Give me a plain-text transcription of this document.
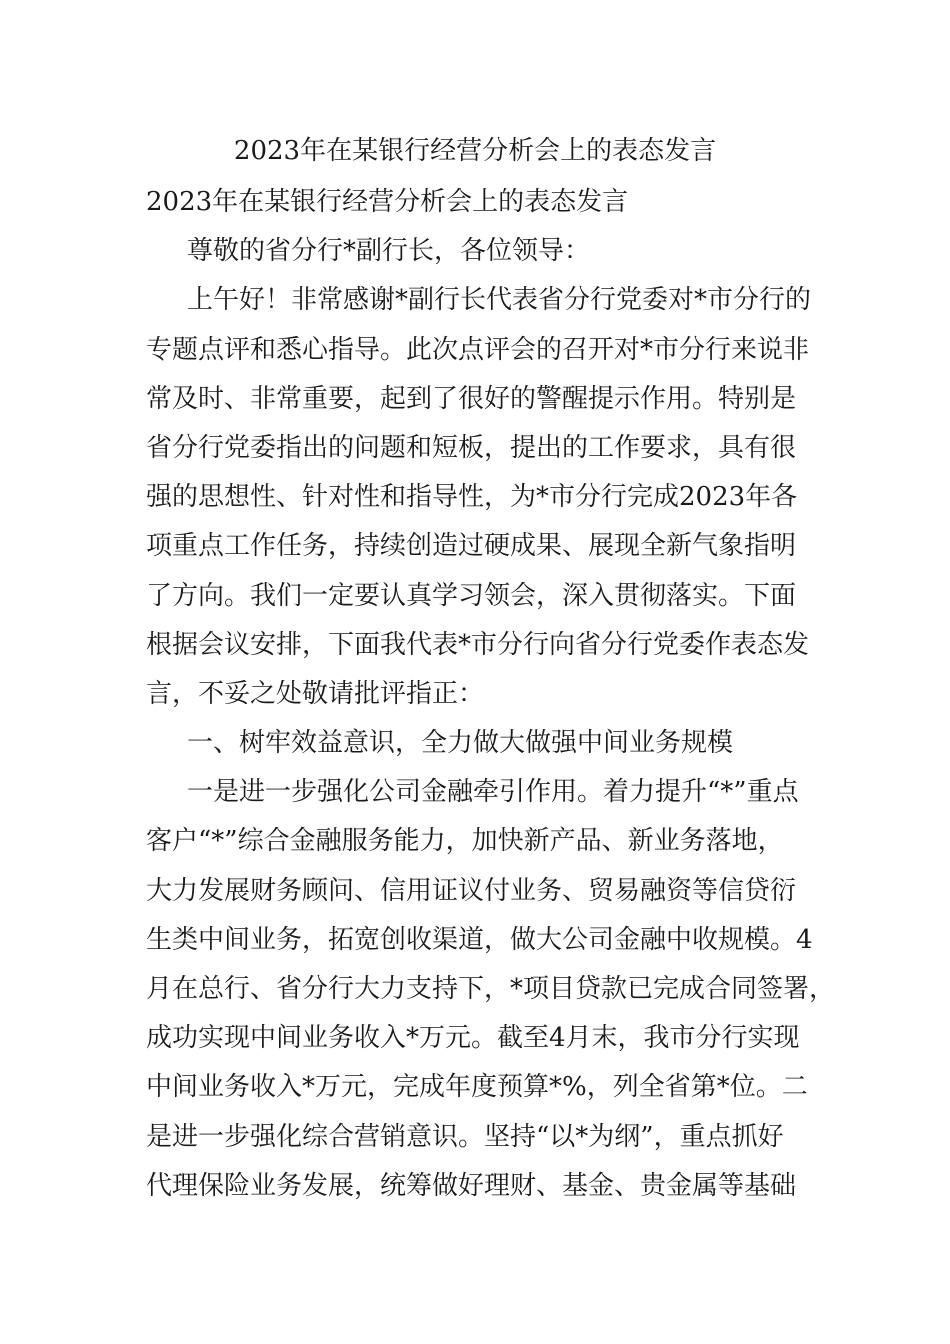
2023年在某银行经营分析会上的表态发言
2023年在某银行经营分析会上的表态发言
尊敬的省分行*副行长，各位领导：
上午好！非常感谢*副行长代表省分行党委对*市分行的
专题点评和悉心指导。此次点评会的召开对*市分行来说非
常及时、非常重要，起到了很好的警醒提示作用。特别是
省分行党委指出的问题和短板，提出的工作要求，具有很
强的思想性、针对性和指导性，为*市分行完成2023年各
项重点工作任务，持续创造过硬成果、展现全新气象指明
了方向。我们一定要认真学习领会，深入贯彻落实。下面
根据会议安排，下面我代表*市分行向省分行党委作表态发
言，不妥之处敬请批评指正：
一、树牢效益意识，全力做大做强中间业务规模
一是进一步强化公司金融牵引作用。着力提升“*”重点
客户“*”综合金融服务能力，加快新产品、新业务落地，
大力发展财务顾问、信用证议付业务、贸易融资等信贷衍
生类中间业务，拓宽创收渠道，做大公司金融中收规模。4
月在总行、省分行大力支持下，*项目贷款已完成合同签署，
成功实现中间业务收入*万元。截至4月末，我市分行实现
中间业务收入*万元，完成年度预算*%，列全省第*位。二
是进一步强化综合营销意识。坚持“以*为纲”，重点抓好
代理保险业务发展，统筹做好理财、基金、贵金属等基础
